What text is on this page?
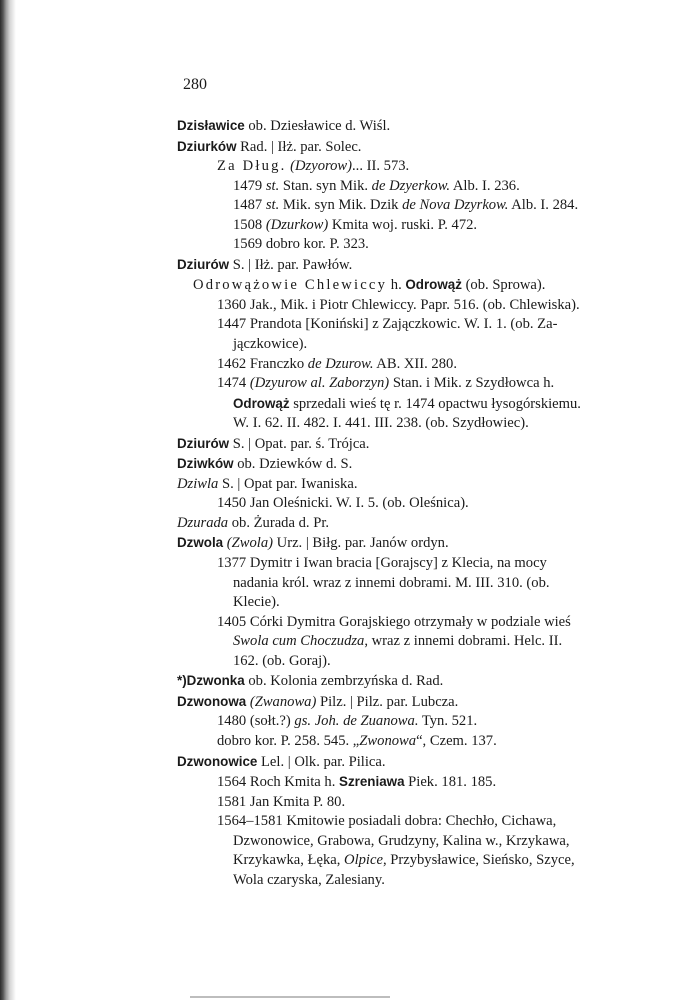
280

Dzisławice ob. Dziesławice d. Wiśl.

Dziurków Rad. | Iłż. par. Solec.

Za Dług. (Dzyorow)... II. 573.

1479 st. Stan. syn Mik. de Dzyerkow. Alb. I. 236.

1487 st. Mik. syn Mik. Dzik de Nova Dzyrkow. Alb. I. 284.

1508 (Dzurkow) Kmita woj. ruski. P. 472.

1569 dobro kor. P. 323.

Dziurów S. | Iłż. par. Pawłów.

Odrowążowie Chlewiccy h. Odrowąż (ob. Sprowa).

1360 Jak., Mik. i Piotr Chlewiccy. Papr. 516. (ob. Chlewiska).

1447 Prandota [Koniński] z Zajączkowic. W. I. 1. (ob. Za-

jączkowice).

1462 Franczko de Dzurow. AB. XII. 280.

1474 (Dzyurow al. Zaborzyn) Stan. i Mik. z Szydłowca h.

Odrowąż sprzedali wieś tę r. 1474 opactwu łysogórskiemu.

W. I. 62. II. 482. I. 441. III. 238. (ob. Szydłowiec).

Dziurów S. | Opat. par. ś. Trójca.

Dziwków ob. Dziewków d. S.

Dziwla S. | Opat par. Iwaniska.

1450 Jan Oleśnicki. W. I. 5. (ob. Oleśnica).

Dzurada ob. Żurada d. Pr.

Dzwola (Zwola) Urz. | Biłg. par. Janów ordyn.

1377 Dymitr i Iwan bracia [Gorajscy] z Klecia, na mocy

nadania król. wraz z innemi dobrami. M. III. 310. (ob.

Klecie).

1405 Córki Dymitra Gorajskiego otrzymały w podziale wieś

Swola cum Choczudza, wraz z innemi dobrami. Helc. II.

162. (ob. Goraj).

*)Dzwonka ob. Kolonia zembrzyńska d. Rad.

Dzwonowa (Zwanowa) Pilz. | Pilz. par. Lubcza.

1480 (sołt.?) gs. Joh. de Zuanowa. Tyn. 521.

dobro kor. P. 258. 545. „Zwonowa“, Czem. 137.

Dzwonowice Lel. | Olk. par. Pilica.

1564 Roch Kmita h. Szreniawa Piek. 181. 185.

1581 Jan Kmita P. 80.

1564–1581 Kmitowie posiadali dobra: Chechło, Cichawa,

Dzwonowice, Grabowa, Grudzyny, Kalina w., Krzykawa,

Krzykawka, Łęka, Olpice, Przybysławice, Sieńsko, Szyce,

Wola czaryska, Zalesiany.
